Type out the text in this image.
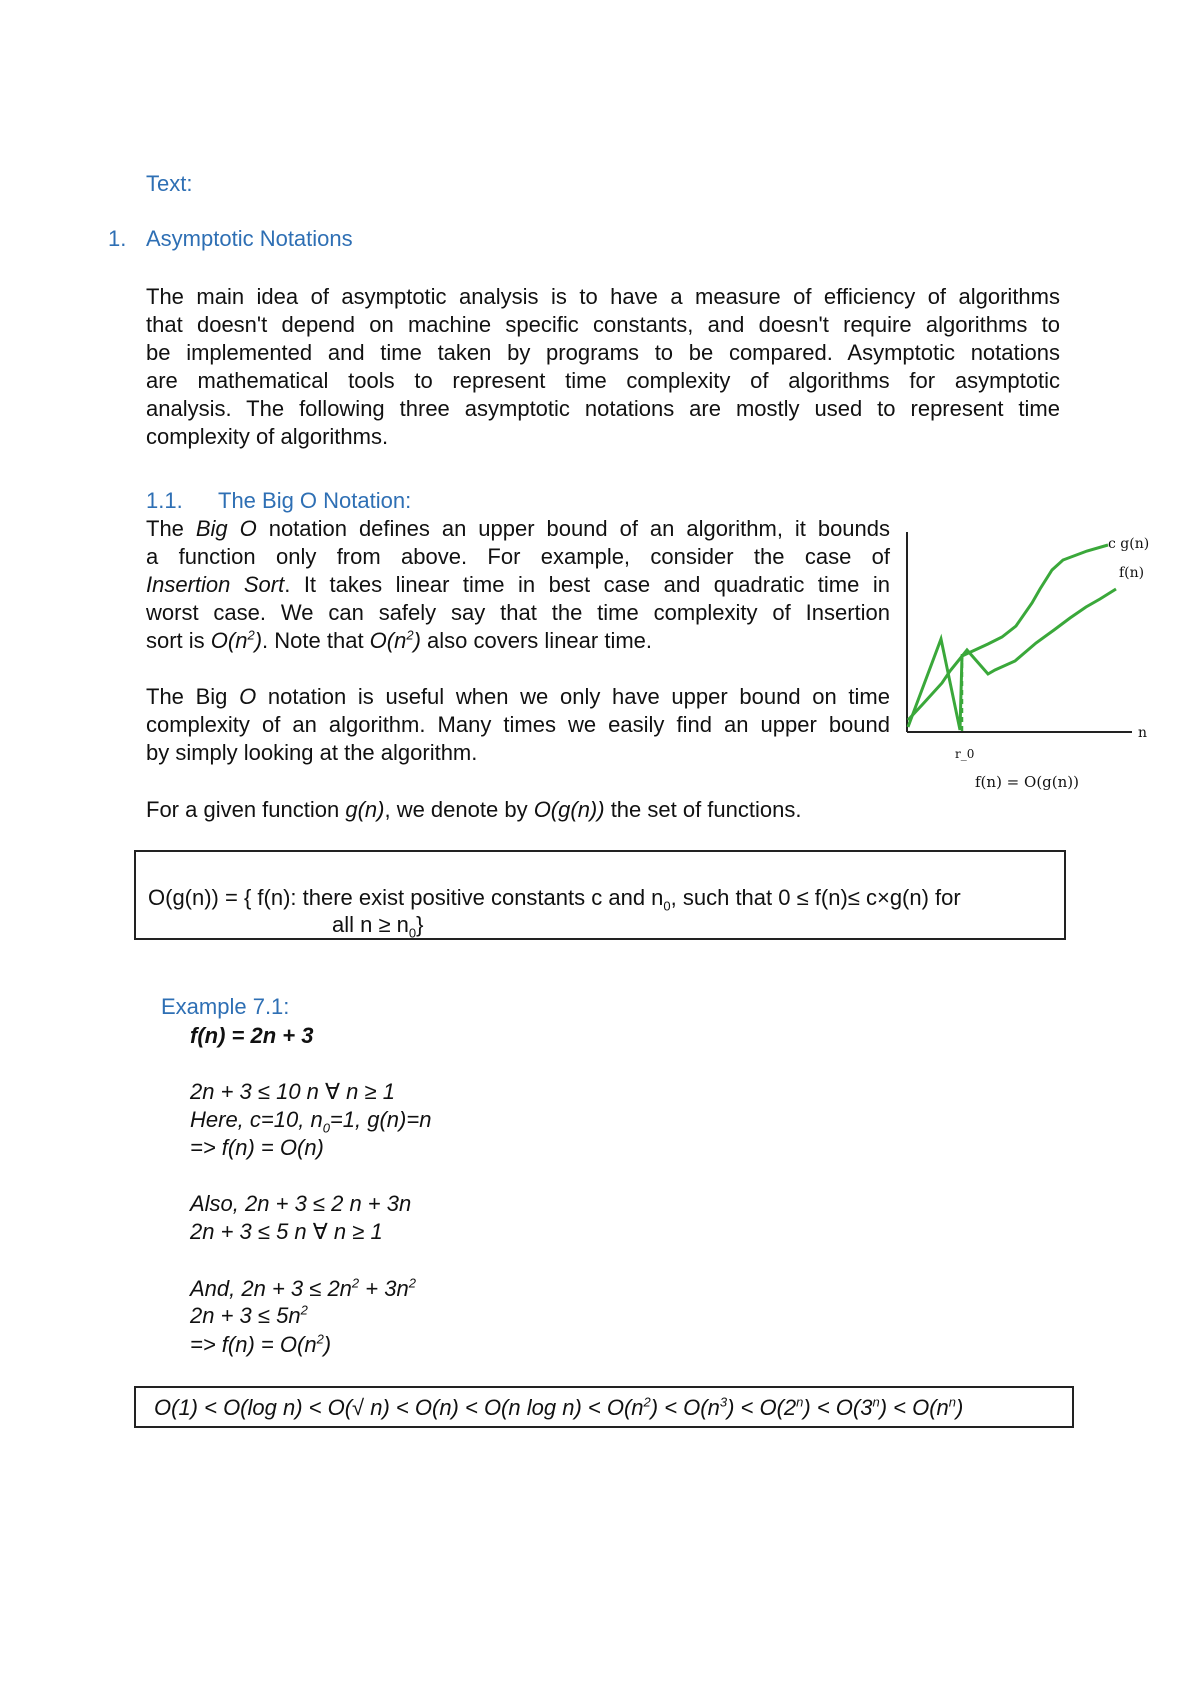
Text:
1. Asymptotic Notations
The main idea of asymptotic analysis is to have a measure of efficiency of algorithms
that doesn't depend on machine specific constants, and doesn't require algorithms to
be implemented and time taken by programs to be compared. Asymptotic notations
are mathematical tools to represent time complexity of algorithms for asymptotic
analysis. The following three asymptotic notations are mostly used to represent time
complexity of algorithms.
1.1. The Big O Notation:
The Big O notation defines an upper bound of an algorithm, it bounds
a function only from above. For example, consider the case of
Insertion Sort. It takes linear time in best case and quadratic time in
worst case. We can safely say that the time complexity of Insertion
sort is $O(n^2)$. Note that $O(n^2)$ also covers linear time.
The Big O notation is useful when we only have upper bound on time
complexity of an algorithm. Many times we easily find an upper bound
by simply looking at the algorithm.
For a given function g(n), we denote by O(g(n)) the set of functions.
c g(n)
f(n)
n
r_0
f(n) = O(g(n))
O(g(n)) = { f(n): there exist positive constants c and $n_0$, such that 0 ≤ f(n)≤ c×g(n) for
all $n \ge n_0$}
Example 7.1:
f(n) = 2n + 3
2n + 3 ≤ 10 n ∀ n ≥ 1
Here, c=10, $n_0=1$, g(n)=n
=> f(n) = O(n)
Also, 2n + 3 ≤ 2 n + 3n
2n + 3 ≤ 5 n ∀ n ≥ 1
And, $2n + 3 \le 2n^2 + 3n^2$
$2n + 3 \le 5n^2$
=> $f(n) = O(n^2)$
O(1) < O(log n) < O(√ n) < O(n) < O(n $\log n) < O(n^2) < O(n^3) < O(2^n) < O(3^n) < O(n^n)$
